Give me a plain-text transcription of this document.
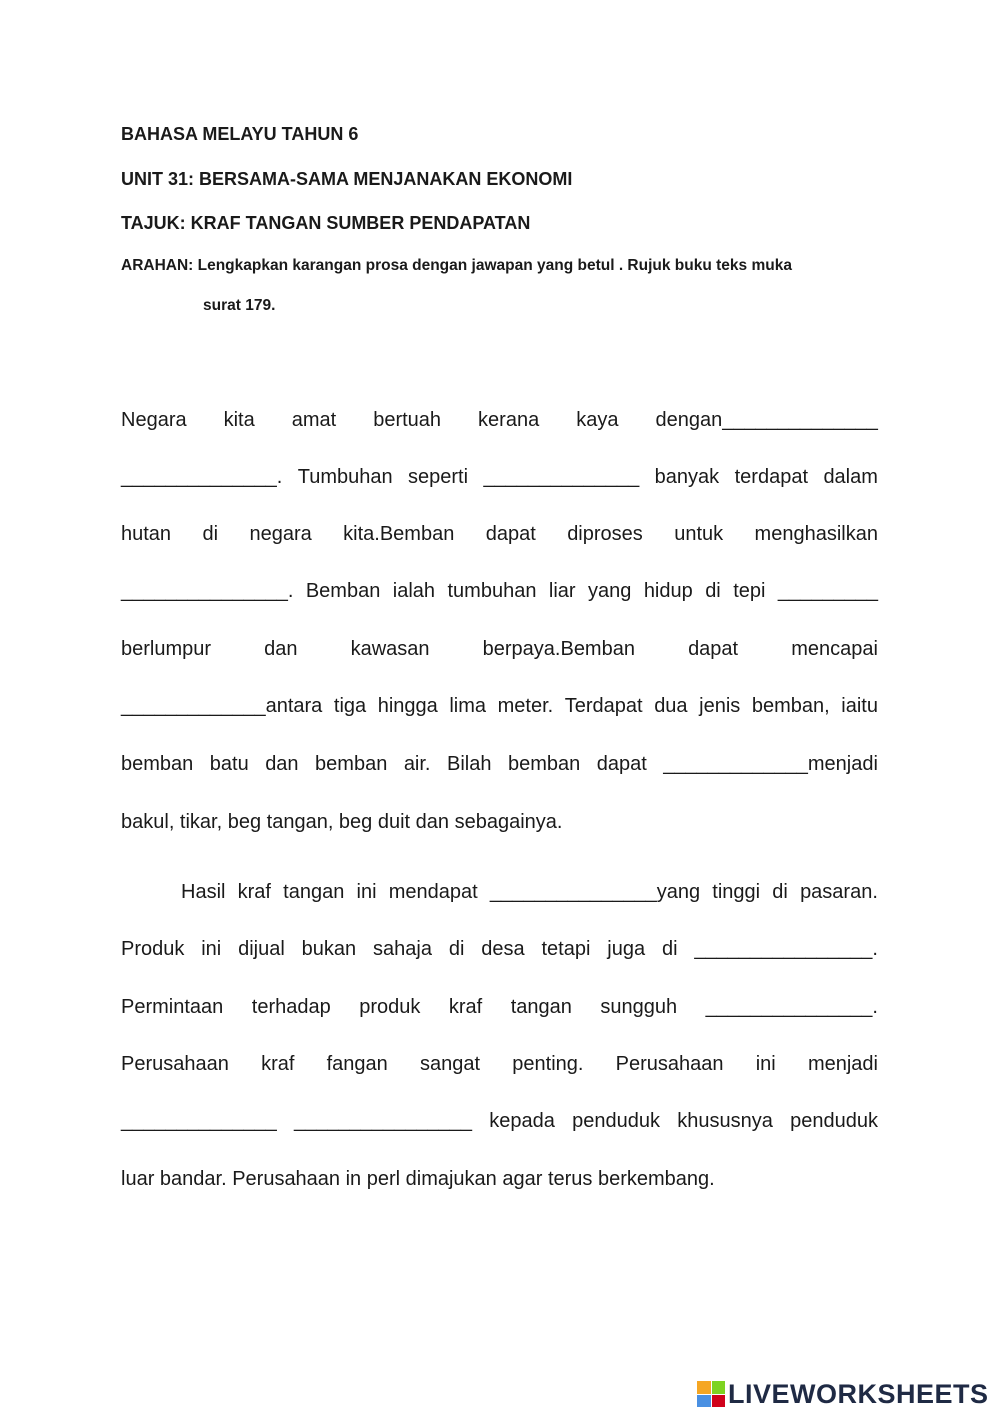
BAHASA MELAYU TAHUN 6
UNIT 31: BERSAMA-SAMA MENJANAKAN EKONOMI
TAJUK: KRAF TANGAN SUMBER PENDAPATAN
ARAHAN: Lengkapkan karangan prosa dengan jawapan yang betul . Rujuk buku teks muka
surat 179.
Negara kita amat bertuah kerana kaya dengan______________
______________. Tumbuhan seperti ______________ banyak terdapat dalam
hutan di negara kita.Bemban dapat diproses untuk menghasilkan
_______________. Bemban ialah tumbuhan liar yang hidup di tepi _________
berlumpur	dan	kawasan	berpaya.Bemban	dapat	mencapai
_____________antara tiga hingga lima meter. Terdapat dua jenis bemban, iaitu
bemban batu dan bemban air. Bilah bemban dapat _____________menjadi
bakul, tikar, beg tangan, beg duit dan sebagainya.
Hasil kraf tangan ini mendapat _______________yang tinggi di pasaran.
Produk ini dijual bukan sahaja di desa tetapi juga di ________________.
Permintaan terhadap produk kraf tangan sungguh _______________.
Perusahaan kraf fangan sangat penting. Perusahaan ini menjadi
______________ ________________ kepada penduduk khususnya penduduk
luar bandar. Perusahaan in perl dimajukan agar terus berkembang.
LIVEWORKSHEETS
